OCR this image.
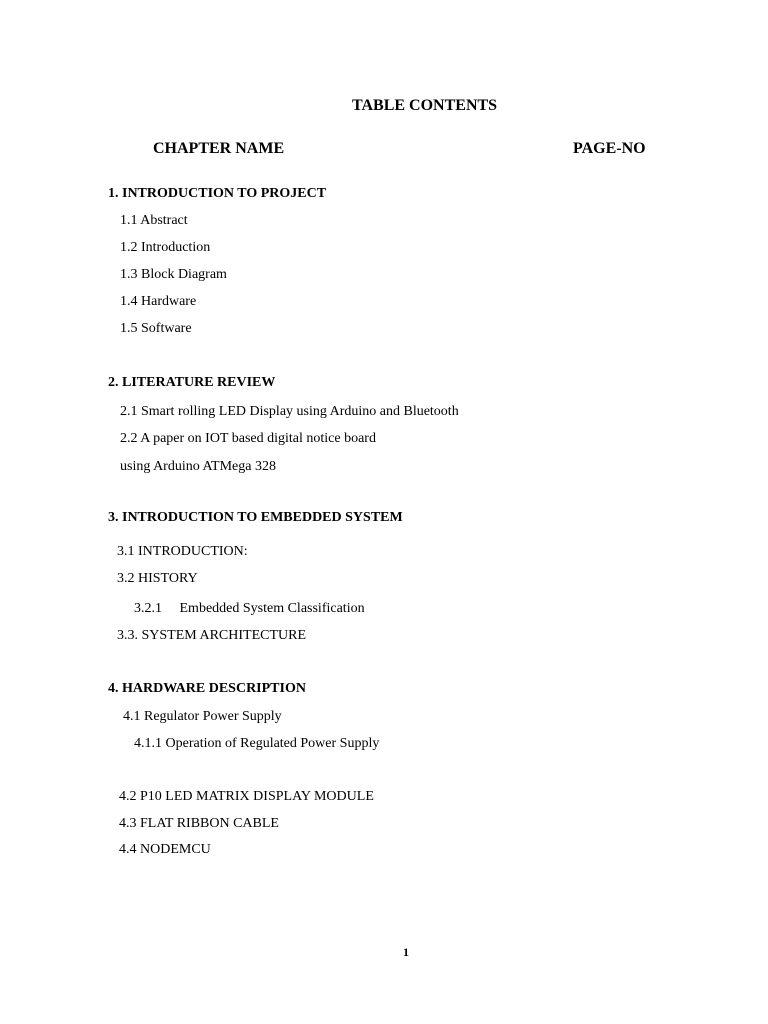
TABLE CONTENTS
CHAPTER NAME	PAGE-NO
1. INTRODUCTION TO PROJECT
1.1 Abstract
1.2 Introduction
1.3 Block Diagram
1.4 Hardware
1.5 Software
2. LITERATURE REVIEW
2.1 Smart rolling LED Display using Arduino and Bluetooth
2.2 A paper on IOT based digital notice board
using Arduino ATMega 328
3. INTRODUCTION TO EMBEDDED SYSTEM
3.1 INTRODUCTION:
3.2 HISTORY
3.2.1     Embedded System Classification
3.3. SYSTEM ARCHITECTURE
4. HARDWARE DESCRIPTION
4.1 Regulator Power Supply
4.1.1 Operation of Regulated Power Supply
4.2 P10 LED MATRIX DISPLAY MODULE
4.3 FLAT RIBBON CABLE
4.4 NODEMCU
1
